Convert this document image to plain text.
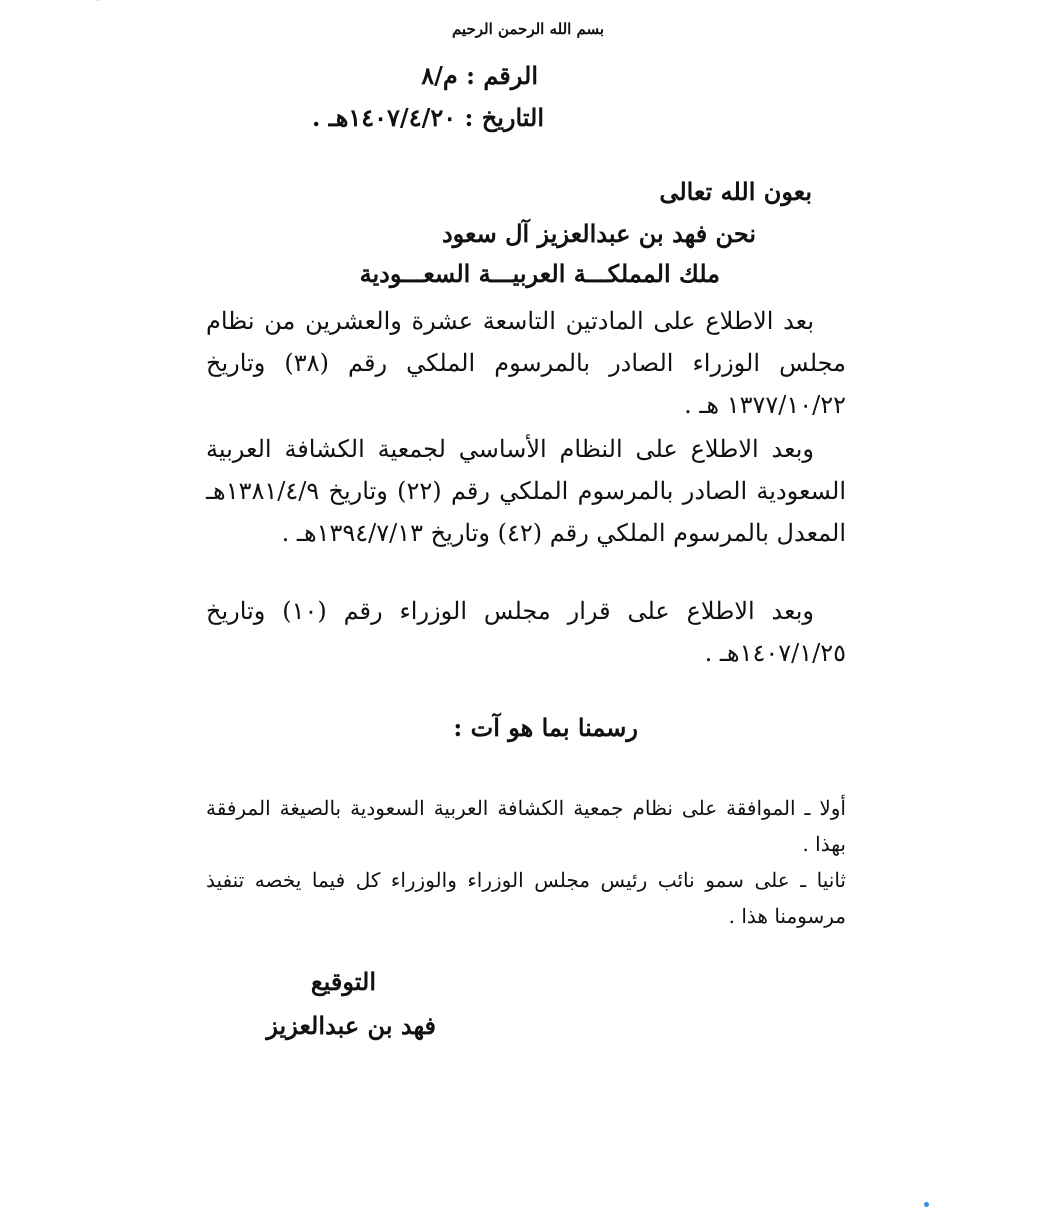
بسم الله الرحمن الرحيم
الرقم : م/٨
التاريخ : ١٤٠٧/٤/٢٠هـ .
بعون الله تعالى
نحن فهد بن عبدالعزيز آل سعود
ملك المملكـــة العربيـــة السعـــودية
بعد الاطلاع على المادتين التاسعة عشرة والعشرين من نظام مجلس الوزراء الصادر بالمرسوم الملكي رقم (٣٨) وتاريخ ١٣٧٧/١٠/٢٢ هـ .
وبعد الاطلاع على النظام الأساسي لجمعية الكشافة العربية السعودية الصادر بالمرسوم الملكي رقم (٢٢) وتاريخ ١٣٨١/٤/٩هـ المعدل بالمرسوم الملكي رقم (٤٢) وتاريخ ١٣٩٤/٧/١٣هـ .
وبعد الاطلاع على قرار مجلس الوزراء رقم (١٠) وتاريخ ١٤٠٧/١/٢٥هـ .
رسمنا بما هو آت :
أولا ـ الموافقة على نظام جمعية الكشافة العربية السعودية بالصيغة المرفقة بهذا .
ثانيا ـ على سمو نائب رئيس مجلس الوزراء والوزراء كل فيما يخصه تنفيذ مرسومنا هذا .
التوقيع
فهد بن عبدالعزيز
